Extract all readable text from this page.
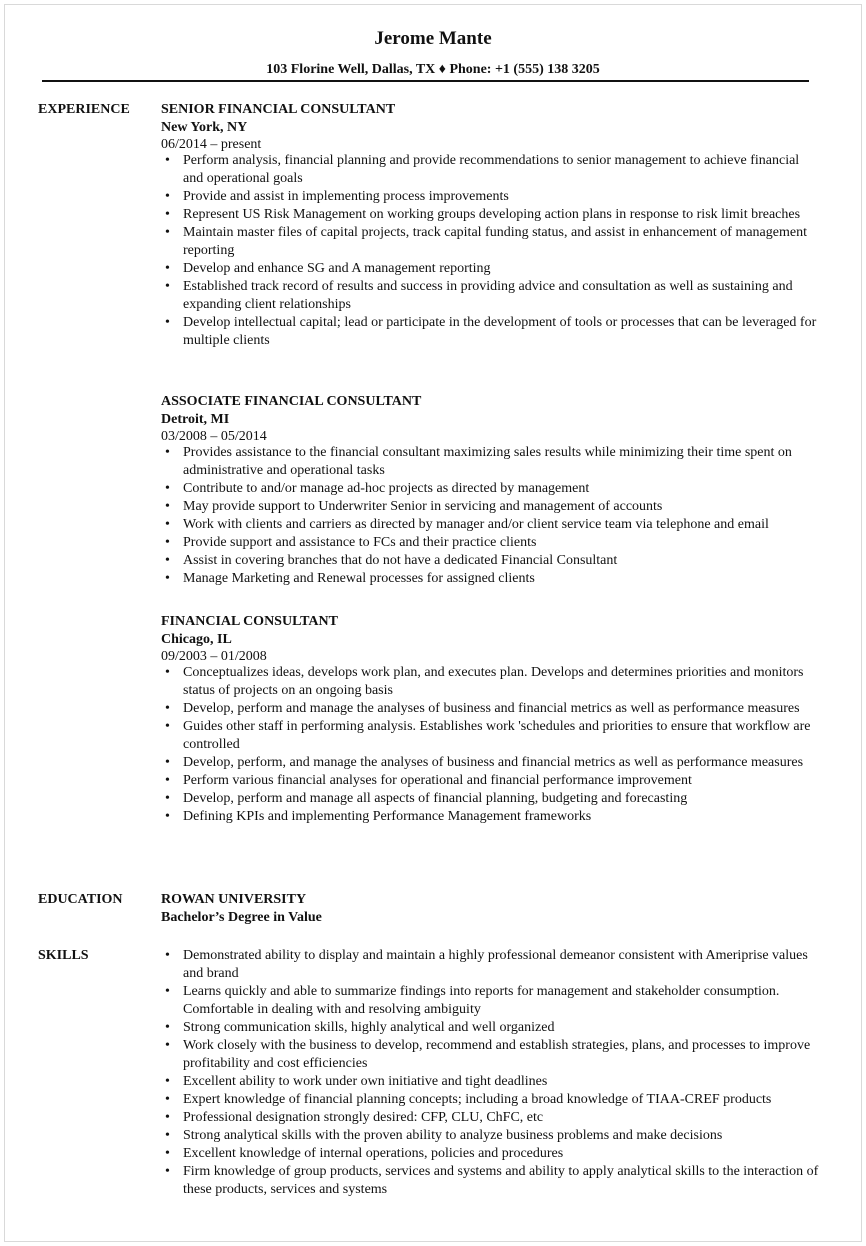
Jerome Mante
103 Florine Well, Dallas, TX ♦ Phone: +1 (555) 138 3205
EXPERIENCE SENIOR FINANCIAL CONSULTANT
New York, NY
06/2014 – present
• Perform analysis, financial planning and provide recommendations to senior management to achieve financial and operational goals
• Provide and assist in implementing process improvements
• Represent US Risk Management on working groups developing action plans in response to risk limit breaches
• Maintain master files of capital projects, track capital funding status, and assist in enhancement of management reporting
• Develop and enhance SG and A management reporting
• Established track record of results and success in providing advice and consultation as well as sustaining and expanding client relationships
• Develop intellectual capital; lead or participate in the development of tools or processes that can be leveraged for multiple clients
ASSOCIATE FINANCIAL CONSULTANT
Detroit, MI
03/2008 – 05/2014
• Provides assistance to the financial consultant maximizing sales results while minimizing their time spent on administrative and operational tasks
• Contribute to and/or manage ad-hoc projects as directed by management
• May provide support to Underwriter Senior in servicing and management of accounts
• Work with clients and carriers as directed by manager and/or client service team via telephone and email
• Provide support and assistance to FCs and their practice clients
• Assist in covering branches that do not have a dedicated Financial Consultant
• Manage Marketing and Renewal processes for assigned clients
FINANCIAL CONSULTANT
Chicago, IL
09/2003 – 01/2008
• Conceptualizes ideas, develops work plan, and executes plan. Develops and determines priorities and monitors status of projects on an ongoing basis
• Develop, perform and manage the analyses of business and financial metrics as well as performance measures
• Guides other staff in performing analysis. Establishes work 'schedules and priorities to ensure that workflow are controlled
• Develop, perform, and manage the analyses of business and financial metrics as well as performance measures
• Perform various financial analyses for operational and financial performance improvement
• Develop, perform and manage all aspects of financial planning, budgeting and forecasting
• Defining KPIs and implementing Performance Management frameworks
EDUCATION	ROWAN UNIVERSITY
Bachelor’s Degree in Value
SKILLS
•	Demonstrated ability to display and maintain a highly professional demeanor consistent with Ameriprise values and brand
• Learns quickly and able to summarize findings into reports for management and stakeholder consumption. Comfortable in dealing with and resolving ambiguity
• Strong communication skills, highly analytical and well organized
• Work closely with the business to develop, recommend and establish strategies, plans, and processes to improve profitability and cost efficiencies
• Excellent ability to work under own initiative and tight deadlines
• Expert knowledge of financial planning concepts; including a broad knowledge of TIAA-CREF products
• Professional designation strongly desired: CFP, CLU, ChFC, etc
• Strong analytical skills with the proven ability to analyze business problems and make decisions
• Excellent knowledge of internal operations, policies and procedures
• Firm knowledge of group products, services and systems and ability to apply analytical skills to the interaction of these products, services and systems
